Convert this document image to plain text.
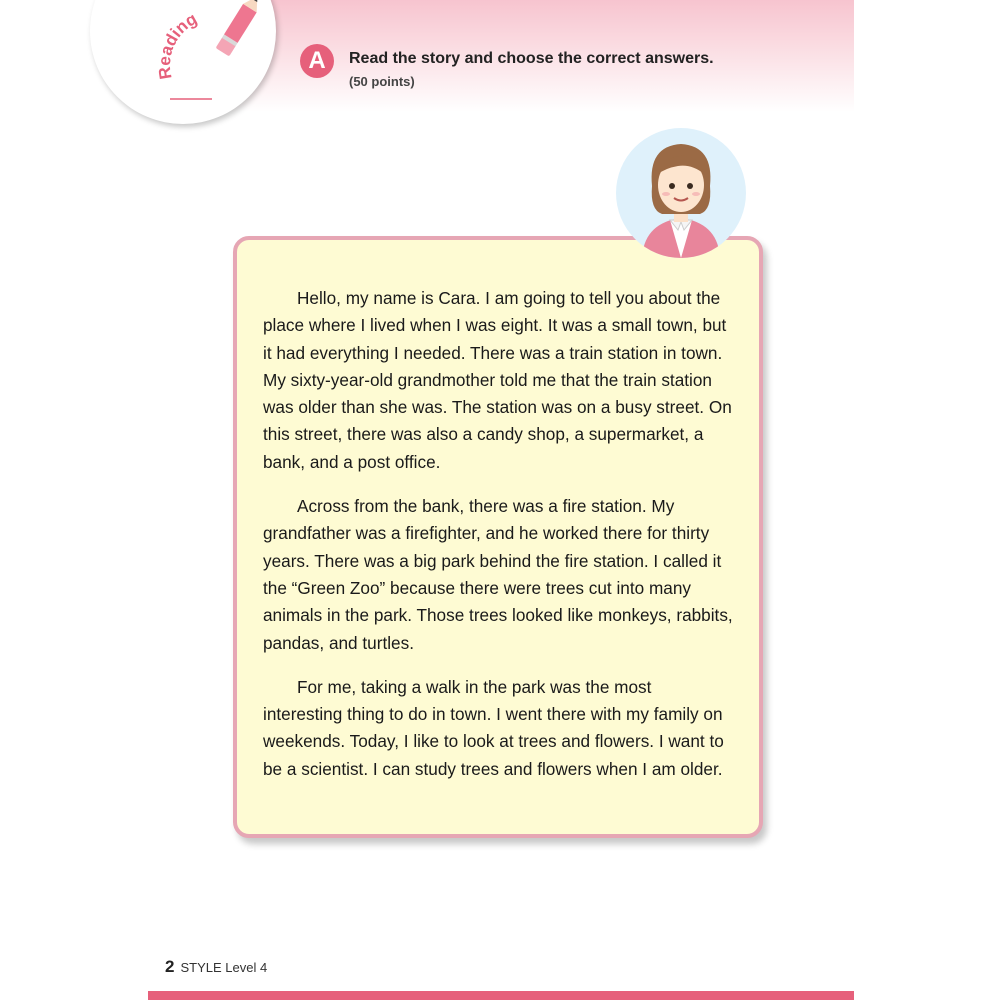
Reading
A	Read the story and choose the correct answers.
(50 points)

Hello, my name is Cara. I am going to tell you about the place where I lived when I was eight. It was a small town, but it had everything I needed. There was a train station in town. My sixty-year-old grandmother told me that the train station was older than she was. The station was on a busy street. On this street, there was also a candy shop, a supermarket, a bank, and a post office.

Across from the bank, there was a fire station. My grandfather was a firefighter, and he worked there for thirty years. There was a big park behind the fire station. I called it the “Green Zoo” because there were trees cut into many animals in the park. Those trees looked like monkeys, rabbits, pandas, and turtles.

For me, taking a walk in the park was the most interesting thing to do in town. I went there with my family on weekends. Today, I like to look at trees and flowers. I want to be a scientist. I can study trees and flowers when I am older.

2 STYLE Level 4
